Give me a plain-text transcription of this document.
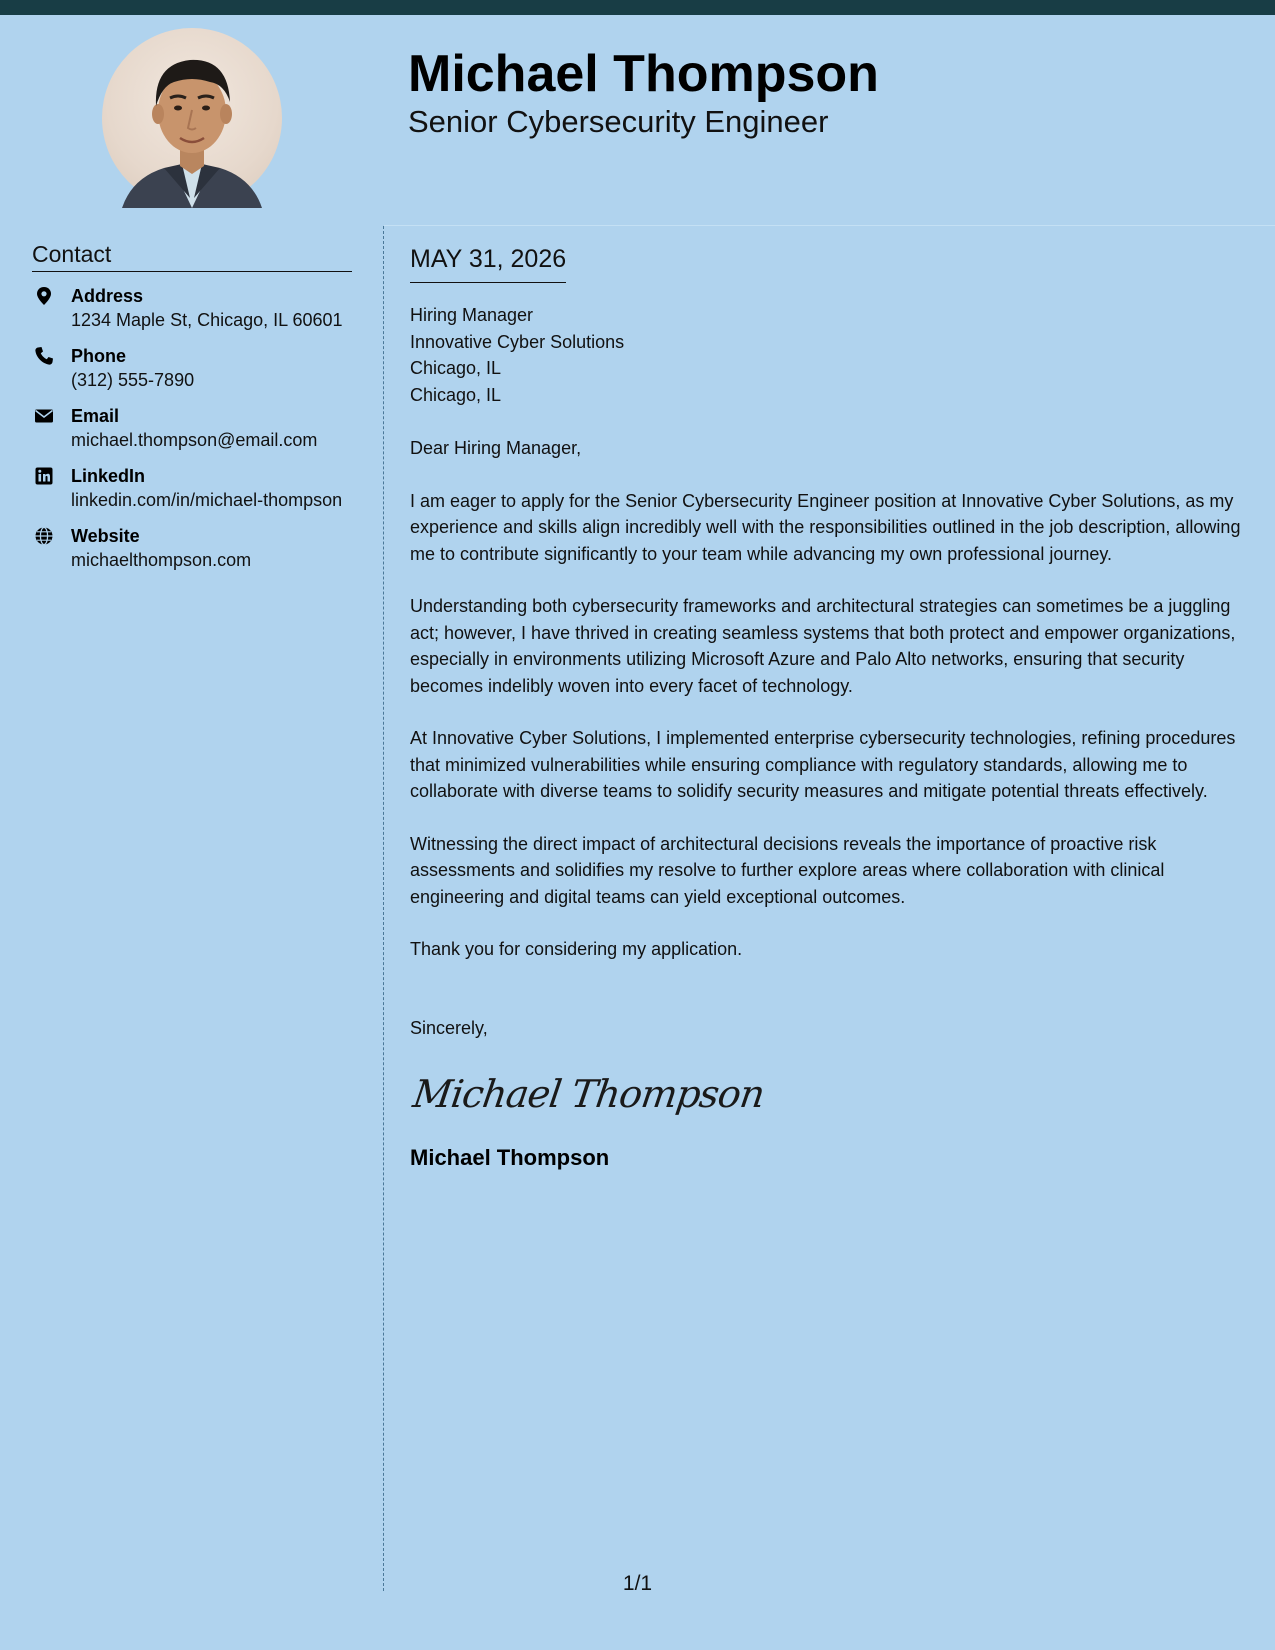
Michael Thompson
Senior Cybersecurity Engineer
Contact
Address
1234 Maple St, Chicago, IL 60601
Phone
(312) 555-7890
Email
michael.thompson@email.com
LinkedIn
linkedin.com/in/michael-thompson
Website
michaelthompson.com
MAY 31, 2026
Hiring Manager
Innovative Cyber Solutions
Chicago, IL
Chicago, IL
Dear Hiring Manager,
I am eager to apply for the Senior Cybersecurity Engineer position at Innovative Cyber Solutions, as my experience and skills align incredibly well with the responsibilities outlined in the job description, allowing me to contribute significantly to your team while advancing my own professional journey.
Understanding both cybersecurity frameworks and architectural strategies can sometimes be a juggling act; however, I have thrived in creating seamless systems that both protect and empower organizations, especially in environments utilizing Microsoft Azure and Palo Alto networks, ensuring that security becomes indelibly woven into every facet of technology.
At Innovative Cyber Solutions, I implemented enterprise cybersecurity technologies, refining procedures that minimized vulnerabilities while ensuring compliance with regulatory standards, allowing me to collaborate with diverse teams to solidify security measures and mitigate potential threats effectively.
Witnessing the direct impact of architectural decisions reveals the importance of proactive risk assessments and solidifies my resolve to further explore areas where collaboration with clinical engineering and digital teams can yield exceptional outcomes.
Thank you for considering my application.
Sincerely,
Michael Thompson
Michael Thompson
1/1
